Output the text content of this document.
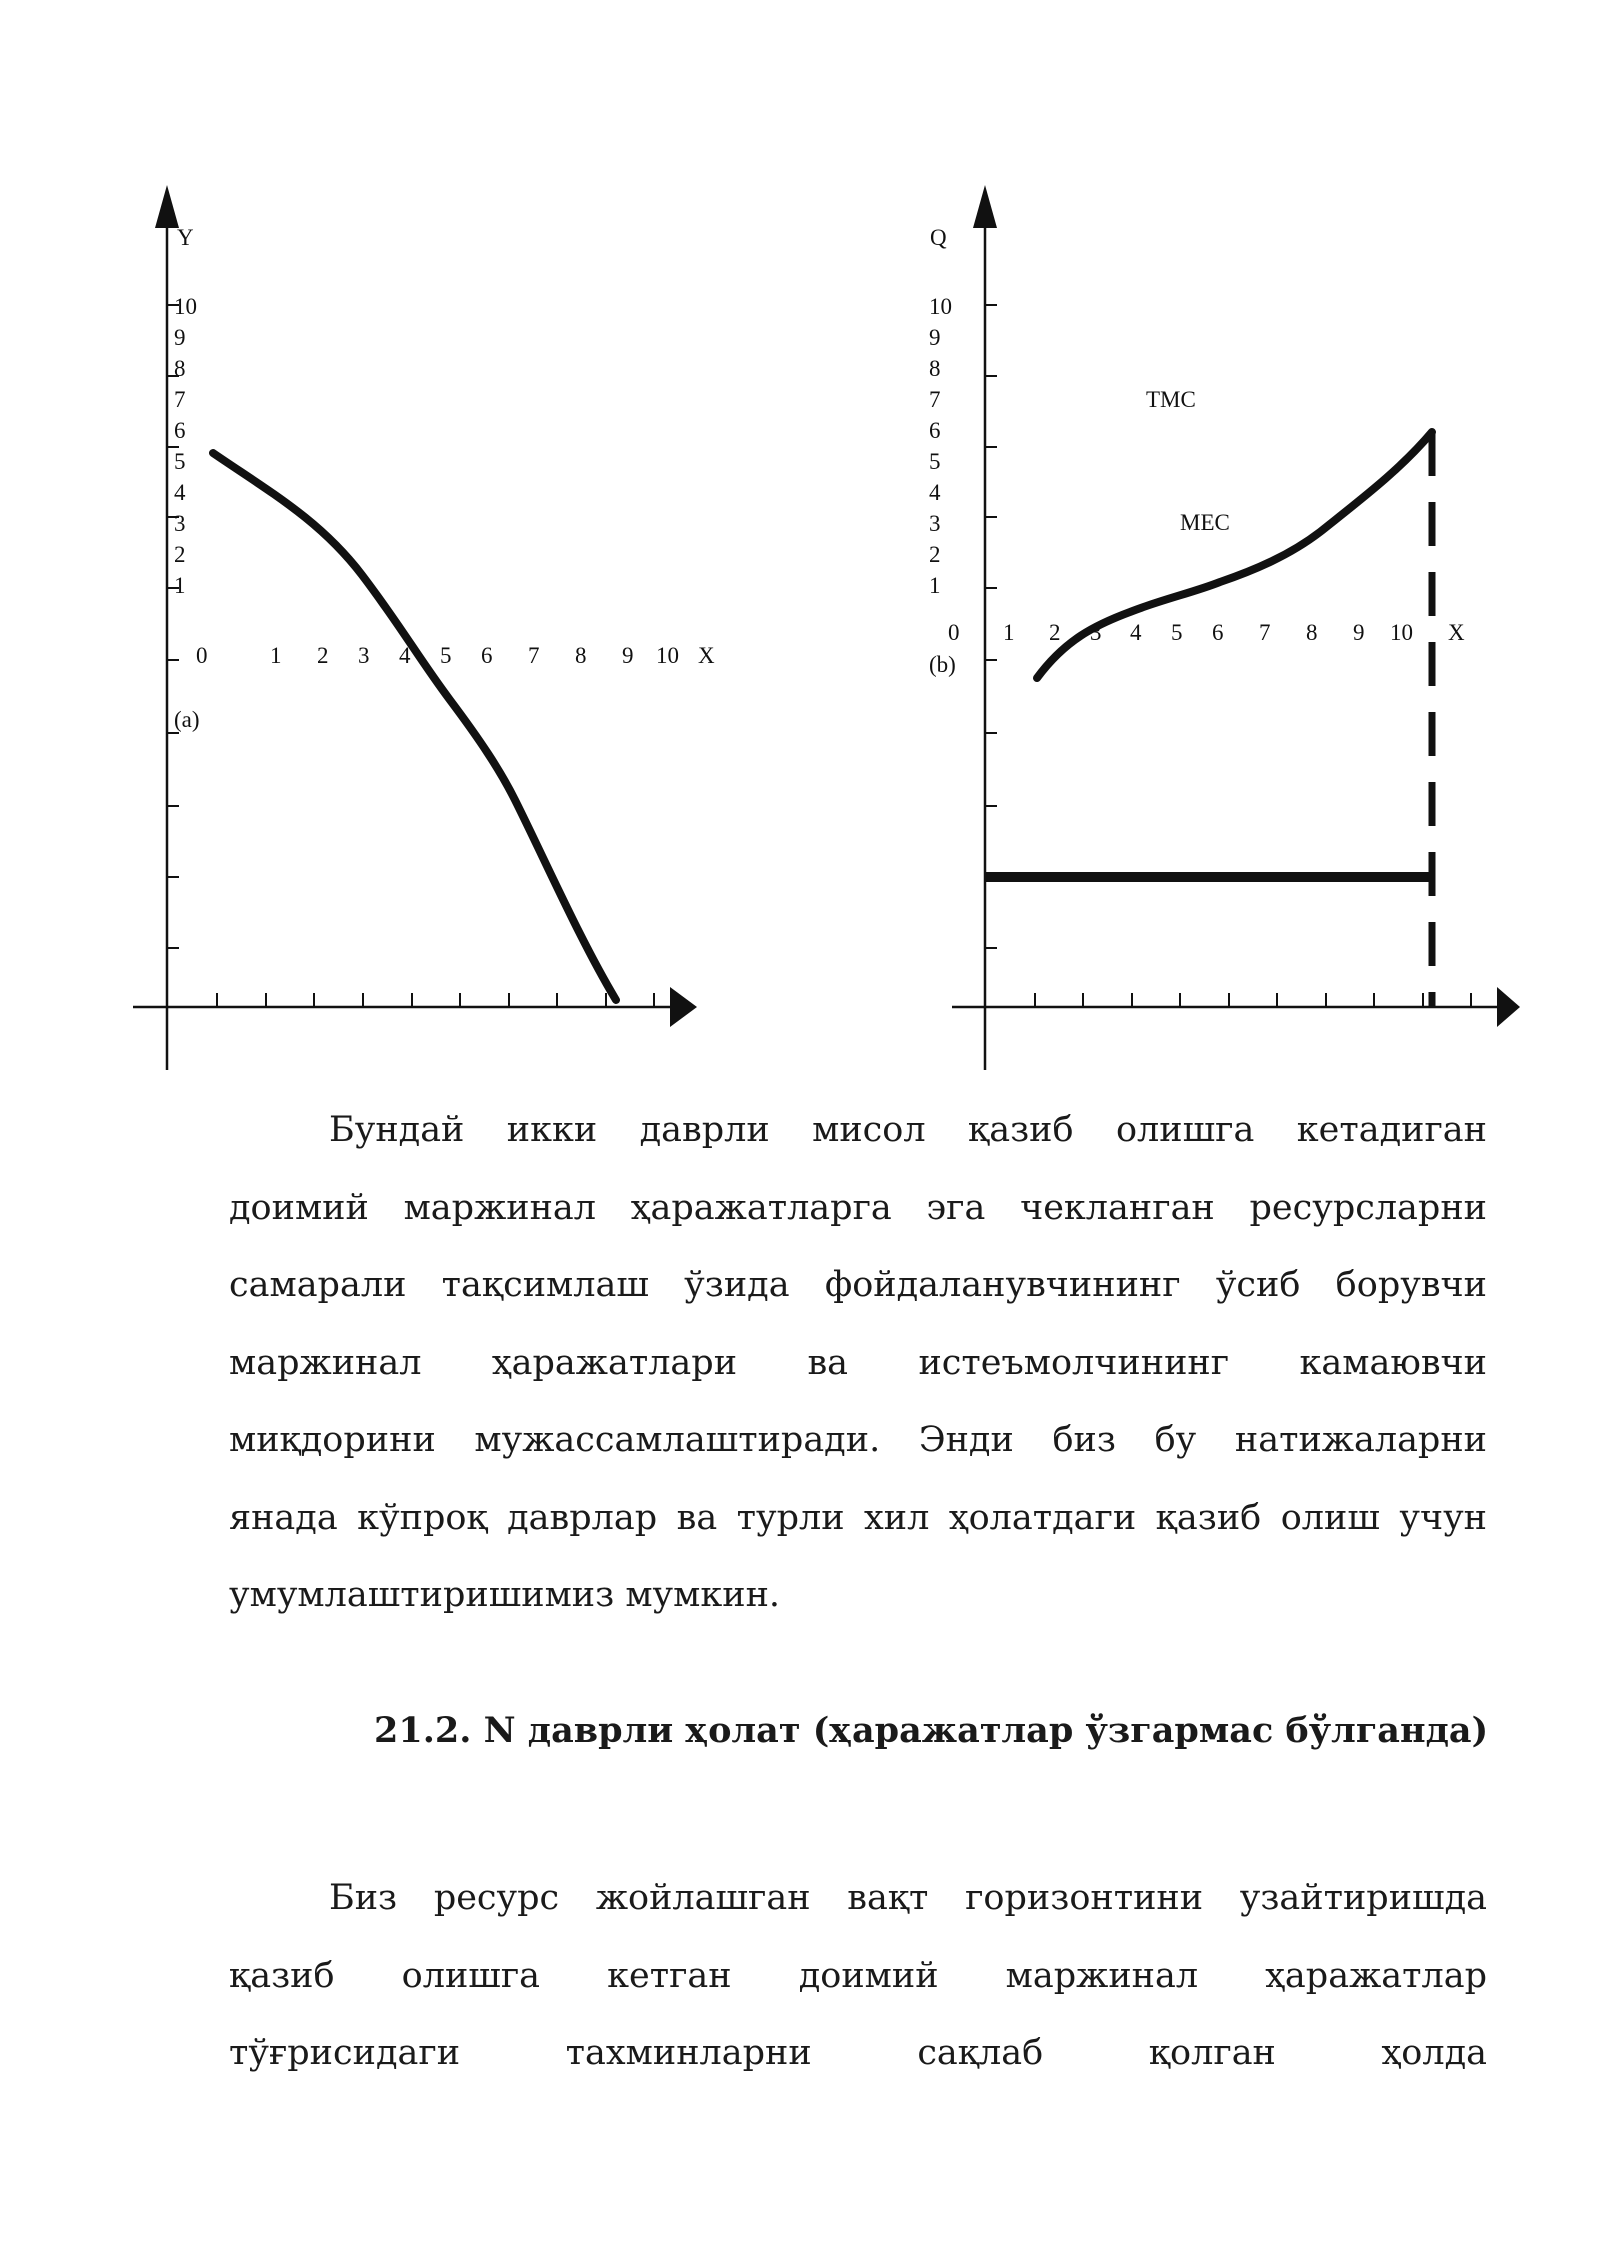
Y
10
9
8
7
6
5
4
3
2
1
0	1 2 3 4 5 6 7 8 9 10 X
(a)
Q
10
9
8
7
6
5
4
3
2
1
0 1 2 3 4 5 6 7 8 9 10 X
(b)
TMC
MEC

Бундай икки даврли мисол қазиб олишга кетадиган
доимий маржинал ҳаражатларга эга чекланган ресурсларни
самарали тақсимлаш ўзида фойдаланувчининг ўсиб борувчи
маржинал ҳаражатлари ва истеъмолчининг камаювчи
миқдорини мужассамлаштиради. Энди биз бу натижаларни
янада кўпроқ даврлар ва турли хил ҳолатдаги қазиб олиш учун
умумлаштиришимиз мумкин.

21.2. N даврли ҳолат (ҳаражатлар ўзгармас бўлганда)

Биз ресурс жойлашган вақт горизонтини узайтиришда
қазиб олишга кетган доимий маржинал ҳаражатлар
тўғрисидаги тахминларни сақлаб қолган ҳолда
